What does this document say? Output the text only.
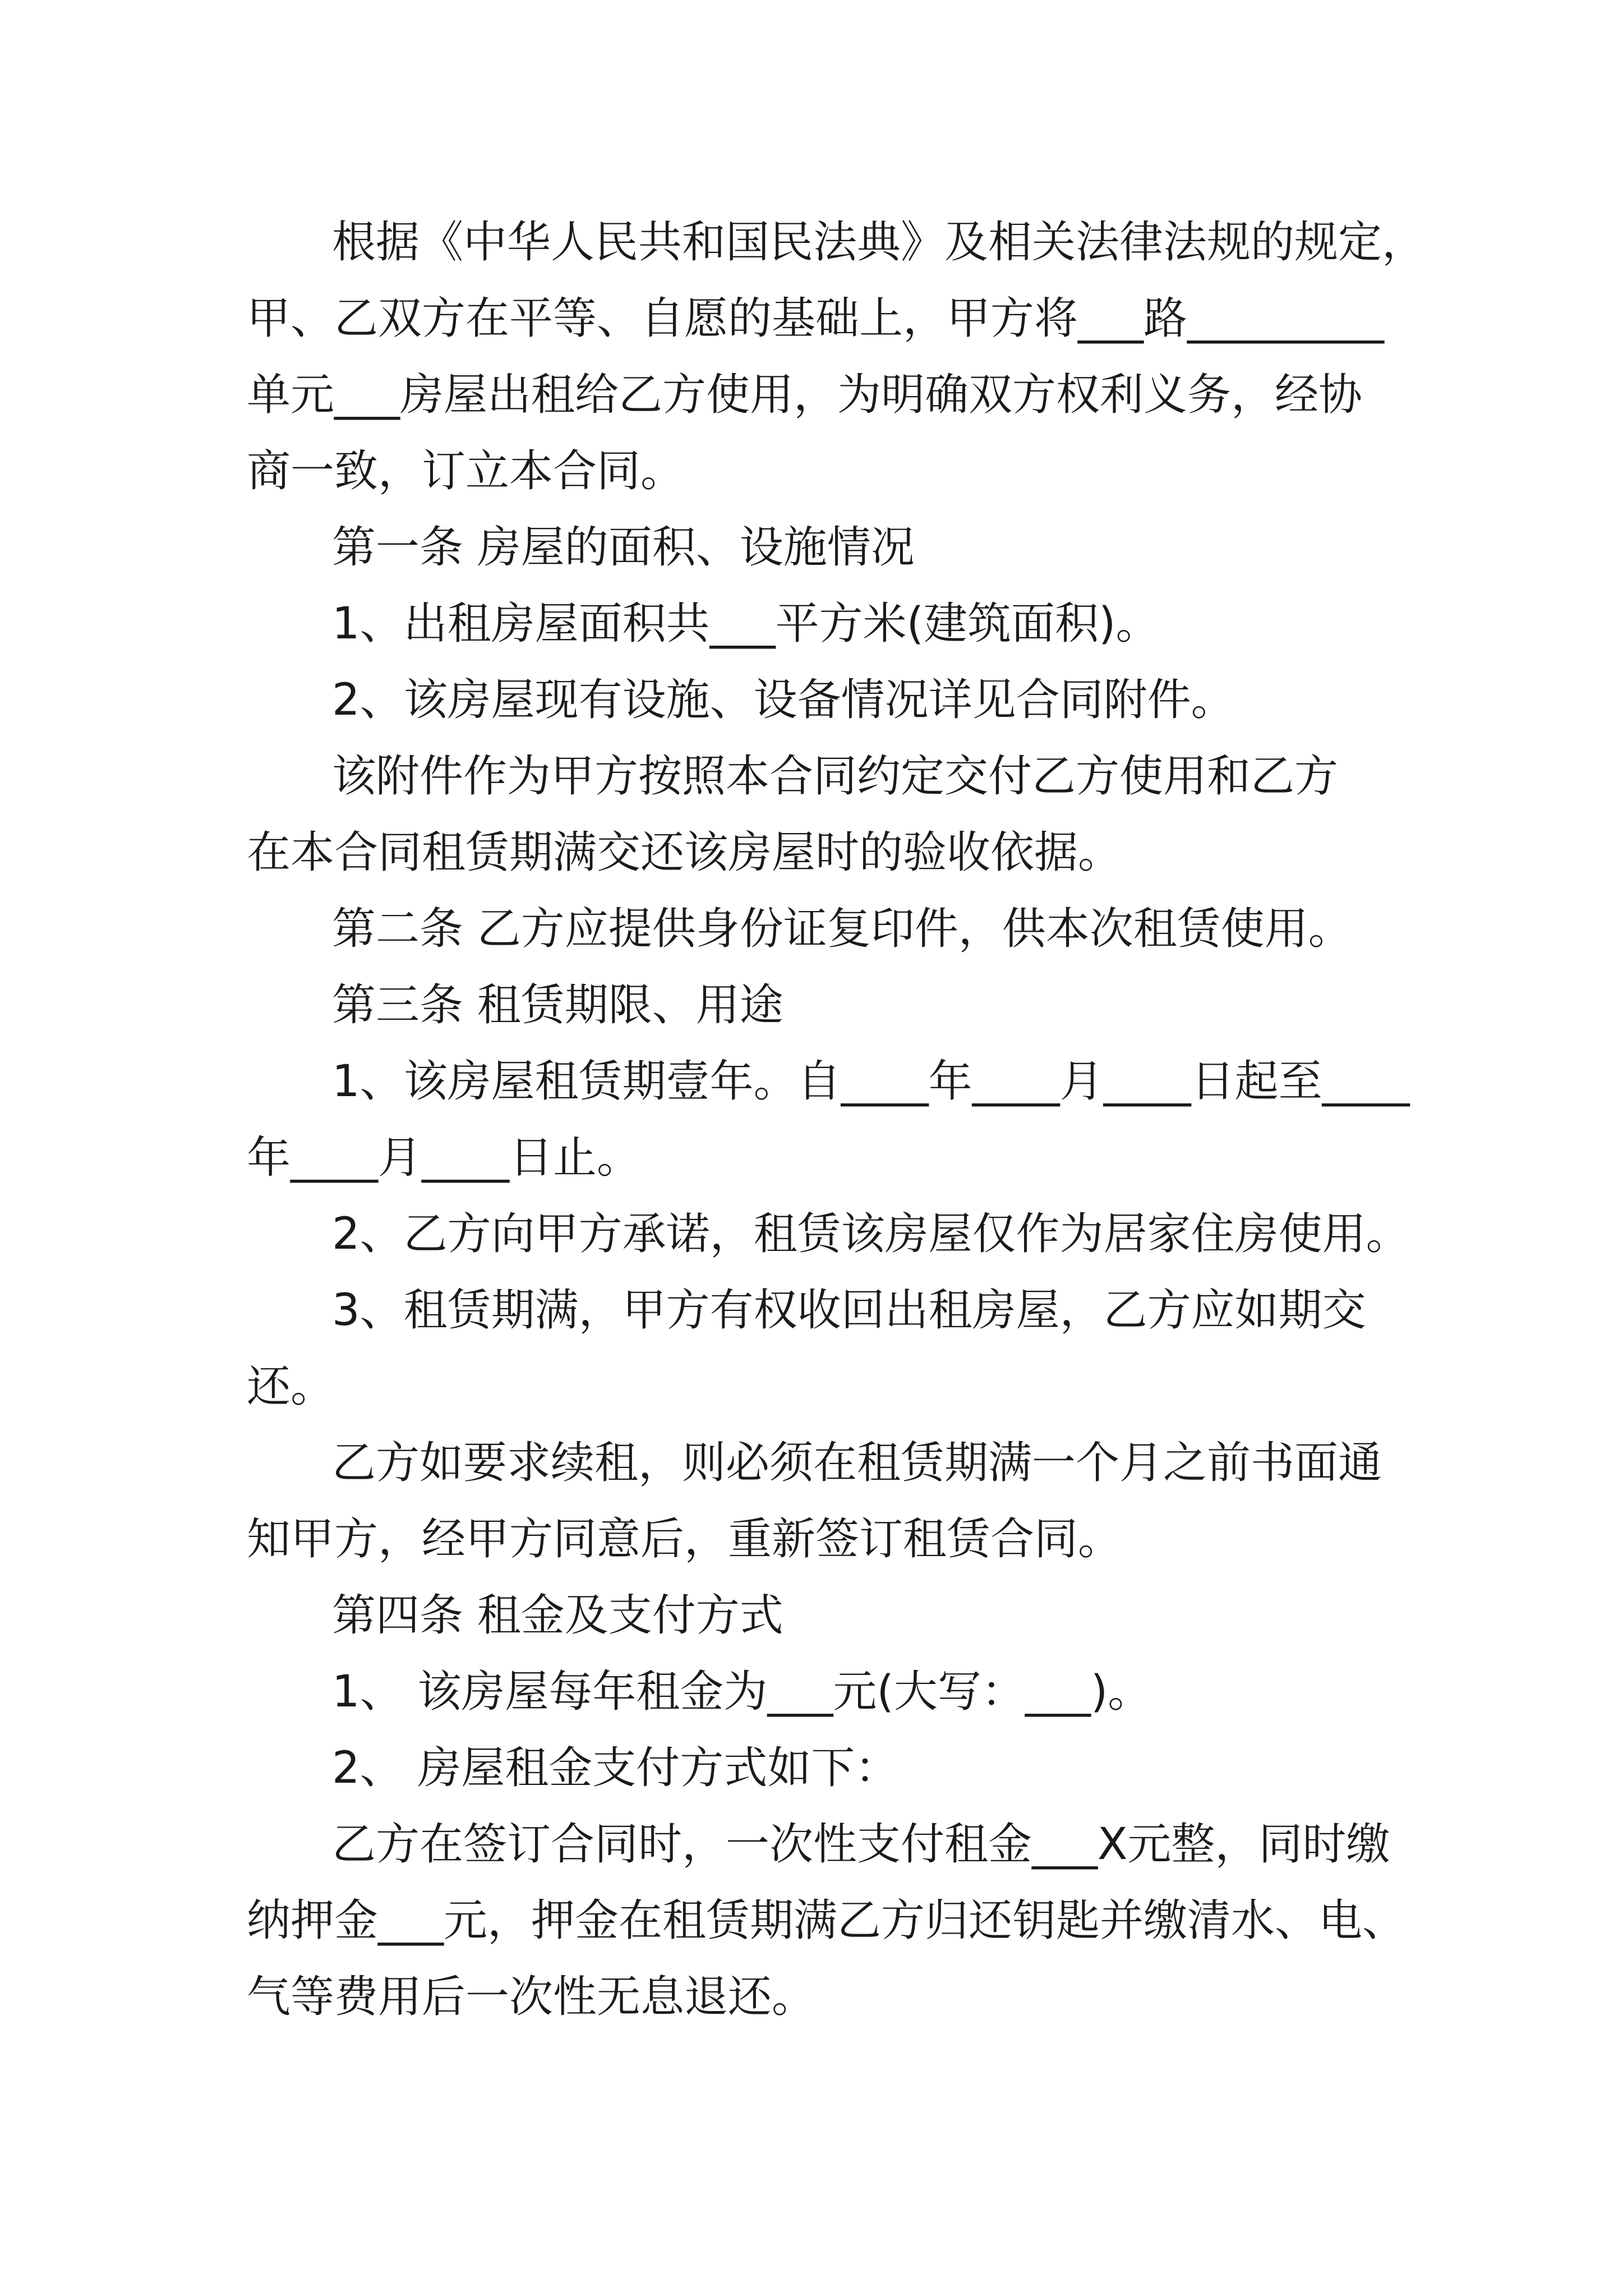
根据《中华人民共和国民法典》及相关法律法规的规定，
甲、乙双方在平等、自愿的基础上，甲方将___路_________
单元___房屋出租给乙方使用，为明确双方权利义务，经协
商一致，订立本合同。
第一条 房屋的面积、设施情况
1、出租房屋面积共___平方米(建筑面积)。
2、该房屋现有设施、设备情况详见合同附件。
该附件作为甲方按照本合同约定交付乙方使用和乙方
在本合同租赁期满交还该房屋时的验收依据。
第二条 乙方应提供身份证复印件，供本次租赁使用。
第三条 租赁期限、用途
1、该房屋租赁期壹年。自____年____月____日起至____
年____月____日止。
2、乙方向甲方承诺，租赁该房屋仅作为居家住房使用。
3、租赁期满，甲方有权收回出租房屋，乙方应如期交
还。
乙方如要求续租，则必须在租赁期满一个月之前书面通
知甲方，经甲方同意后，重新签订租赁合同。
第四条 租金及支付方式
1、 该房屋每年租金为___元(大写：___)。
2、 房屋租金支付方式如下：
乙方在签订合同时，一次性支付租金___X元整，同时缴
纳押金___元，押金在租赁期满乙方归还钥匙并缴清水、电、
气等费用后一次性无息退还。
